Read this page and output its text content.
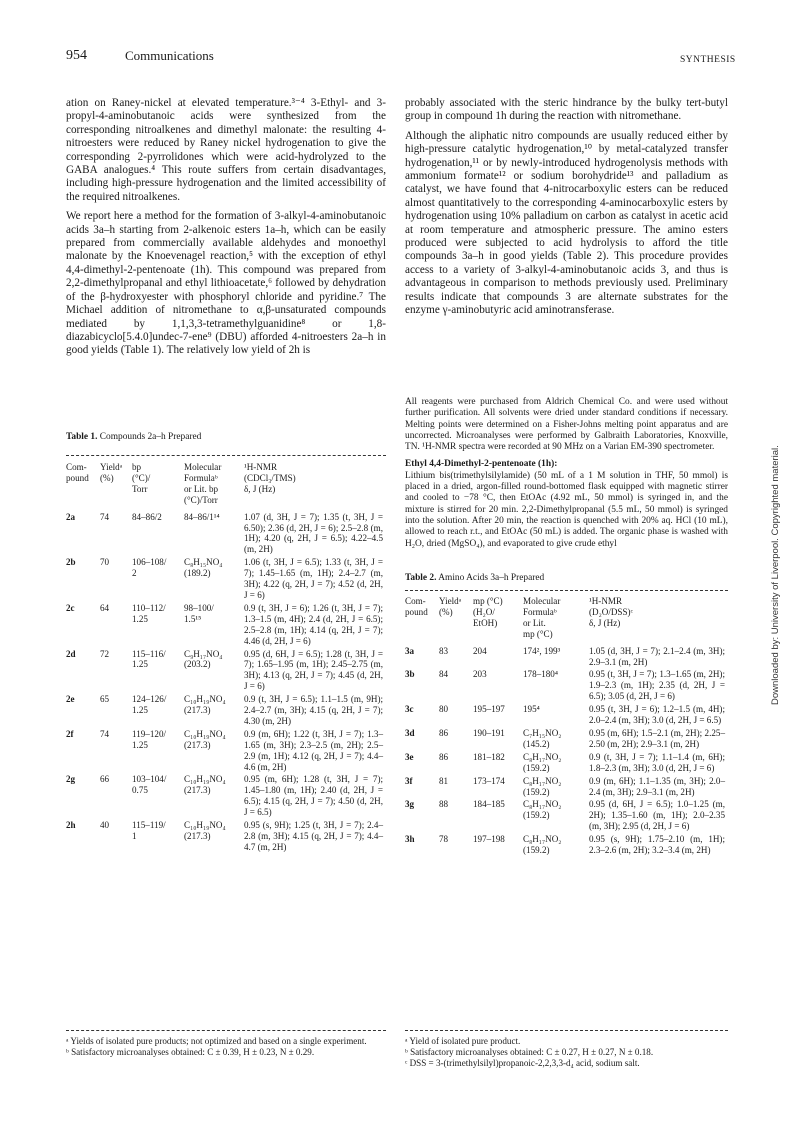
954	Communications	SYNTHESIS

ation on Raney-nickel at elevated temperature.³⁻⁴ 3-Ethyl- and 3-propyl-4-aminobutanoic acids were synthesized from the corresponding nitroalkenes and dimethyl malonate: the resulting 4-nitroesters were reduced by Raney nickel hydrogenation to give the corresponding 2-pyrrolidones which were acid-hydrolyzed to the GABA analogues.⁴ This route suffers from certain disadvantages, including high-pressure hydrogenation and the limited accessibility of the required nitroalkenes.

We report here a method for the formation of 3-alkyl-4-aminobutanoic acids 3a–h starting from 2-alkenoic esters 1a–h, which can be easily prepared from commercially available aldehydes and monoethyl malonate by the Knoevenagel reaction,⁵ with the exception of ethyl 4,4-dimethyl-2-pentenoate (1h). This compound was prepared from 2,2-dimethylpropanal and ethyl lithioacetate,⁶ followed by dehydration of the β-hydroxyester with phosphoryl chloride and pyridine.⁷ The Michael addition of nitromethane to α,β-unsaturated compounds mediated by 1,1,3,3-tetramethylguanidine⁸ or 1,8-diazabicyclo[5.4.0]undec-7-ene⁹ (DBU) afforded 4-nitroesters 2a–h in good yields (Table 1). The relatively low yield of 2h is

Table 1. Compounds 2a–h Prepared
Com-
pound	Yieldᵃ
(%)	bp
(°C)/
Torr	Molecular
Formulaᵇ
or Lit. bp
(°C)/Torr	¹H-NMR
(CDCl₃/TMS)
δ, J (Hz)
2a	74	84–86/2	84–86/1¹⁴	1.07 (d, 3H, J = 7); 1.35 (t, 3H, J = 6.50); 2.36 (d, 2H, J = 6); 2.5–2.8 (m, 1H); 4.20 (q, 2H, J = 6.5); 4.22–4.5 (m, 2H)
2b	70	106–108/
2	C₈H₁₅NO₄
(189.2)	1.06 (t, 3H, J = 6.5); 1.33 (t, 3H, J = 7); 1.45–1.65 (m, 1H); 2.4–2.7 (m, 3H); 4.22 (q, 2H, J = 7); 4.52 (d, 2H, J = 6)
2c	64	110–112/
1.25	98–100/
1.5¹⁵	0.9 (t, 3H, J = 6); 1.26 (t, 3H, J = 7); 1.3–1.5 (m, 4H); 2.4 (d, 2H, J = 6.5); 2.5–2.8 (m, 1H); 4.14 (q, 2H, J = 7); 4.46 (d, 2H, J = 6)
2d	72	115–116/
1.25	C₉H₁₇NO₄
(203.2)	0.95 (d, 6H, J = 6.5); 1.28 (t, 3H, J = 7); 1.65–1.95 (m, 1H); 2.45–2.75 (m, 3H); 4.13 (q, 2H, J = 7); 4.45 (d, 2H, J = 6)
2e	65	124–126/
1.25	C₁₀H₁₉NO₄
(217.3)	0.9 (t, 3H, J = 6.5); 1.1–1.5 (m, 9H); 2.4–2.7 (m, 3H); 4.15 (q, 2H, J = 7); 4.30 (m, 2H)
2f	74	119–120/
1.25	C₁₀H₁₉NO₄
(217.3)	0.9 (m, 6H); 1.22 (t, 3H, J = 7); 1.3–1.65 (m, 3H); 2.3–2.5 (m, 2H); 2.5–2.9 (m, 1H); 4.12 (q, 2H, J = 7); 4.4–4.6 (m, 2H)
2g	66	103–104/
0.75	C₁₀H₁₉NO₄
(217.3)	0.95 (m, 6H); 1.28 (t, 3H, J = 7); 1.45–1.80 (m, 1H); 2.40 (d, 2H, J = 6.5); 4.15 (q, 2H, J = 7); 4.50 (d, 2H, J = 6.5)
2h	40	115–119/
1	C₁₀H₁₉NO₄
(217.3)	0.95 (s, 9H); 1.25 (t, 3H, J = 7); 2.4–2.8 (m, 3H); 4.15 (q, 2H, J = 7); 4.4–4.7 (m, 2H)
ᵃ Yields of isolated pure products; not optimized and based on a single experiment.
ᵇ Satisfactory microanalyses obtained: C ± 0.39, H ± 0.23, N ± 0.29.

probably associated with the steric hindrance by the bulky tert-butyl group in compound 1h during the reaction with nitromethane.

Although the aliphatic nitro compounds are usually reduced either by high-pressure catalytic hydrogenation,¹⁰ by metal-catalyzed transfer hydrogenation,¹¹ or by newly-introduced hydrogenolysis methods with ammonium formate¹² or sodium borohydride¹³ and palladium as catalyst, we have found that 4-nitrocarboxylic esters can be reduced almost quantitatively to the corresponding 4-aminocarboxylic esters by hydrogenation using 10% palladium on carbon as catalyst in acetic acid at room temperature and atmospheric pressure. The amino esters produced were subjected to acid hydrolysis to afford the title compounds 3a–h in good yields (Table 2). This procedure provides access to a variety of 3-alkyl-4-aminobutanoic acids 3, and thus is advantageous in comparison to methods previously used. Preliminary results indicate that compounds 3 are alternate substrates for the enzyme γ-aminobutyric acid aminotransferase.

All reagents were purchased from Aldrich Chemical Co. and were used without further purification. All solvents were dried under standard conditions if necessary. Melting points were determined on a Fisher-Johns melting point apparatus and are uncorrected. Microanalyses were performed by Galbraith Laboratories, Knoxville, TN. ¹H-NMR spectra were recorded at 90 MHz on a Varian EM-390 spectrometer.

Ethyl 4,4-Dimethyl-2-pentenoate (1h):

Lithium bis(trimethylsilylamide) (50 mL of a 1 M solution in THF, 50 mmol) is placed in a dried, argon-filled round-bottomed flask equipped with magnetic stirrer and cooled to −78 °C, then EtOAc (4.92 mL, 50 mmol) is syringed in, and the mixture is stirred for 20 min. 2,2-Dimethylpropanal (5.5 mL, 50 mmol) is syringed into the solution. After 20 min, the reaction is quenched with 20% aq. HCl (10 mL), allowed to reach r.t., and EtOAc (50 mL) is added. The organic phase is washed with H₂O, dried (MgSO₄), and evaporated to give crude ethyl

Table 2. Amino Acids 3a–h Prepared
Com-
pound	Yieldᵃ
(%)	mp (°C)
(H₂O/
EtOH)	Molecular
Formulaᵇ
or Lit.
mp (°C)	¹H-NMR
(D₂O/DSS)ᶜ
δ, J (Hz)
3a	83	204	174², 199³	1.05 (d, 3H, J = 7); 2.1–2.4 (m, 3H); 2.9–3.1 (m, 2H)
3b	84	203	178–180⁴	0.95 (t, 3H, J = 7); 1.3–1.65 (m, 2H); 1.9–2.3 (m, 1H); 2.35 (d, 2H, J = 6.5); 3.05 (d, 2H, J = 6)
3c	80	195–197	195⁴	0.95 (t, 3H, J = 6); 1.2–1.5 (m, 4H); 2.0–2.4 (m, 3H); 3.0 (d, 2H, J = 6.5)
3d	86	190–191	C₇H₁₅NO₂
(145.2)	0.95 (m, 6H); 1.5–2.1 (m, 2H); 2.25–2.50 (m, 2H); 2.9–3.1 (m, 2H)
3e	86	181–182	C₈H₁₇NO₂
(159.2)	0.9 (t, 3H, J = 7); 1.1–1.4 (m, 6H); 1.8–2.3 (m, 3H); 3.0 (d, 2H, J = 6)
3f	81	173–174	C₈H₁₇NO₂
(159.2)	0.9 (m, 6H); 1.1–1.35 (m, 3H); 2.0–2.4 (m, 3H); 2.9–3.1 (m, 2H)
3g	88	184–185	C₈H₁₇NO₂
(159.2)	0.95 (d, 6H, J = 6.5); 1.0–1.25 (m, 2H); 1.35–1.60 (m, 1H); 2.0–2.35 (m, 3H); 2.95 (d, 2H, J = 6)
3h	78	197–198	C₈H₁₇NO₂
(159.2)	0.95 (s, 9H); 1.75–2.10 (m, 1H); 2.3–2.6 (m, 2H); 3.2–3.4 (m, 2H)
ᵃ Yield of isolated pure product.
ᵇ Satisfactory microanalyses obtained: C ± 0.27, H ± 0.27, N ± 0.18.
ᶜ DSS = 3-(trimethylsilyl)propanoic-2,2,3,3-d₄ acid, sodium salt.
Downloaded by: University of Liverpool. Copyrighted material.
